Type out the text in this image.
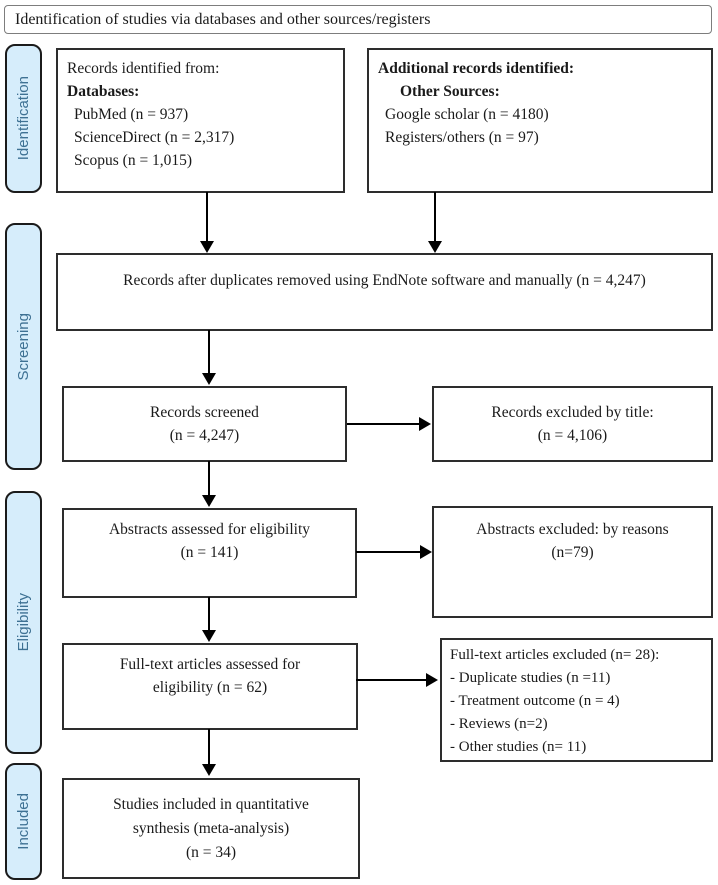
Identification of studies via databases and other sources/registers
Identification
Screening
Eligibility
Included
Records identified from:
Databases:
PubMed (n = 937)
ScienceDirect (n = 2,317)
Scopus (n = 1,015)
Additional records identified:
Other Sources:
Google scholar (n = 4180)
Registers/others (n = 97)
Records after duplicates removed using EndNote software and manually (n = 4,247)
Records screened
(n = 4,247)
Records excluded by title:
(n = 4,106)
Abstracts assessed for eligibility
(n = 141)
Abstracts excluded: by reasons
(n=79)
Full-text articles assessed for
eligibility (n = 62)
Full-text articles excluded (n= 28):
- Duplicate studies (n =11)
- Treatment outcome (n = 4)
- Reviews (n=2)
- Other studies (n= 11)
Studies included in quantitative
synthesis (meta-analysis)
(n = 34)
